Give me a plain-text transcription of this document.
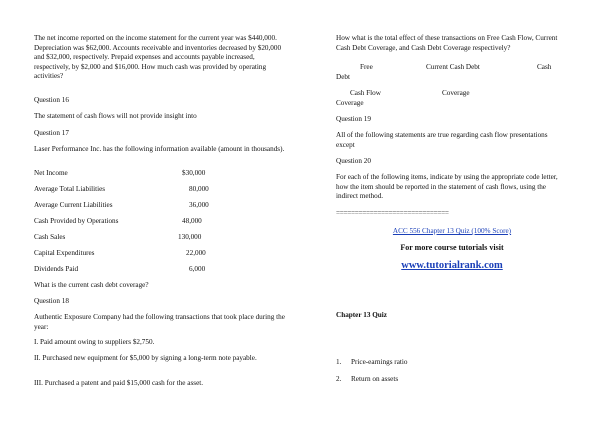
The net income reported on the income statement for the current year was $440,000. Depreciation was $62,000. Accounts receivable and inventories decreased by $20,000 and $32,000, respectively. Prepaid expenses and accounts payable increased, respectively, by $2,000 and $16,000. How much cash was provided by operating activities?
Question 16
The statement of cash flows will not provide insight into
Question 17
Laser Performance Inc. has the following information available (amount in thousands).
Net Income	$30,000
Average Total Liabilities	80,000
Average Current Liabilities	36,000
Cash Provided by Operations	48,000
Cash Sales	130,000
Capital Expenditures	22,000
Dividends Paid	6,000
What is the current cash debt coverage?
Question 18
Authentic Exposure Company had the following transactions that took place during the year:
I. Paid amount owing to suppliers $2,750.
II. Purchased new equipment for $5,000 by signing a long-term note payable.
III. Purchased a patent and paid $15,000 cash for the asset.
How what is the total effect of these transactions on Free Cash Flow, Current Cash Debt Coverage, and Cash Debt Coverage respectively?
Free	Current Cash Debt	Cash
Debt
Cash Flow	Coverage
Coverage
Question 19
All of the following statements are true regarding cash flow presentations except
Question 20
For each of the following items, indicate by using the appropriate code letter, how the item should be reported in the statement of cash flows, using the indirect method.
==============================
ACC 556 Chapter 13 Quiz (100% Score)
For more course tutorials visit
www.tutorialrank.com
Chapter 13 Quiz
1. Price-earnings ratio
2. Return on assets
